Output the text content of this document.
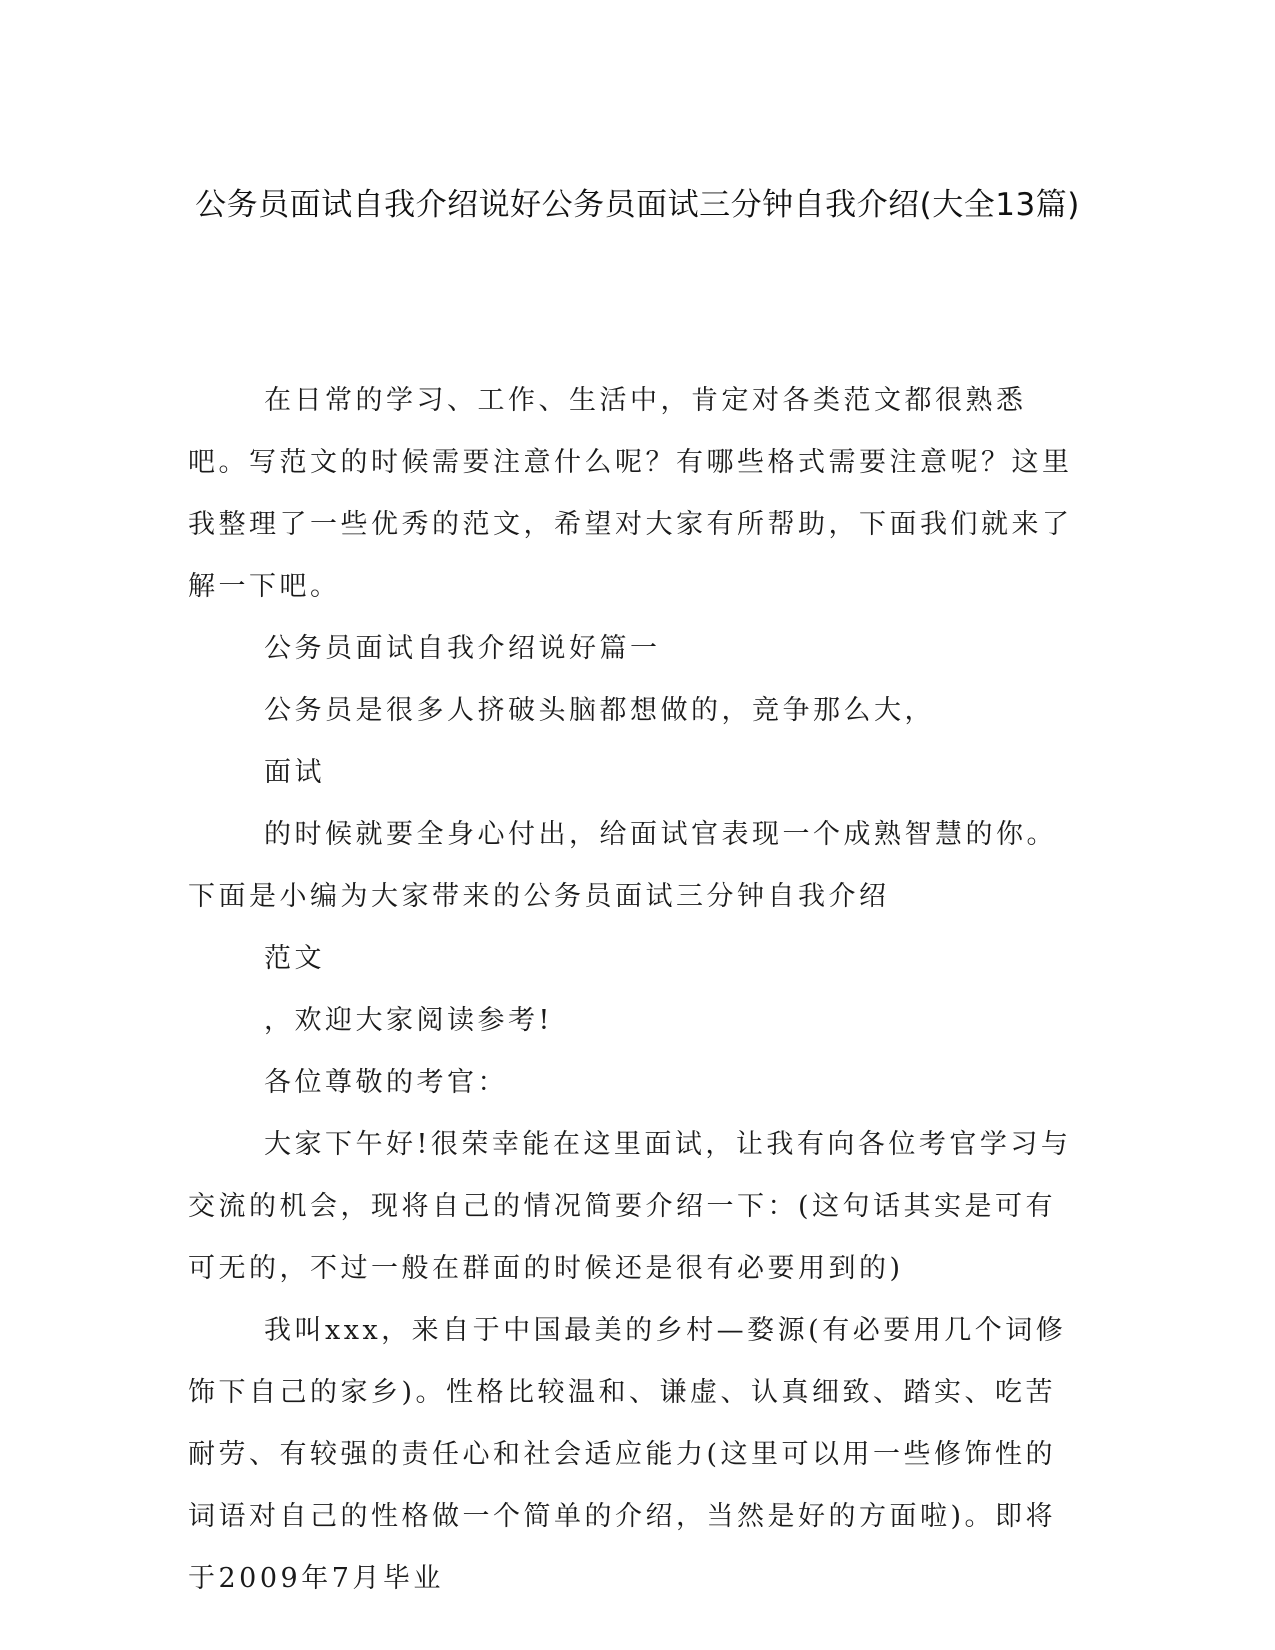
公务员面试自我介绍说好公务员面试三分钟自我介绍(大全13篇)

在日常的学习、工作、生活中，肯定对各类范文都很熟悉吧。写范文的时候需要注意什么呢？有哪些格式需要注意呢？这里我整理了一些优秀的范文，希望对大家有所帮助，下面我们就来了解一下吧。

公务员面试自我介绍说好篇一

公务员是很多人挤破头脑都想做的，竞争那么大，

面试

的时候就要全身心付出，给面试官表现一个成熟智慧的你。下面是小编为大家带来的公务员面试三分钟自我介绍

范文

，欢迎大家阅读参考!

各位尊敬的考官：

大家下午好!很荣幸能在这里面试，让我有向各位考官学习与交流的机会，现将自己的情况简要介绍一下：(这句话其实是可有可无的，不过一般在群面的时候还是很有必要用到的)

我叫xxx，来自于中国最美的乡村—婺源(有必要用几个词修饰下自己的家乡)。性格比较温和、谦虚、认真细致、踏实、吃苦耐劳、有较强的责任心和社会适应能力(这里可以用一些修饰性的词语对自己的性格做一个简单的介绍，当然是好的方面啦)。即将于2009年7月毕业
